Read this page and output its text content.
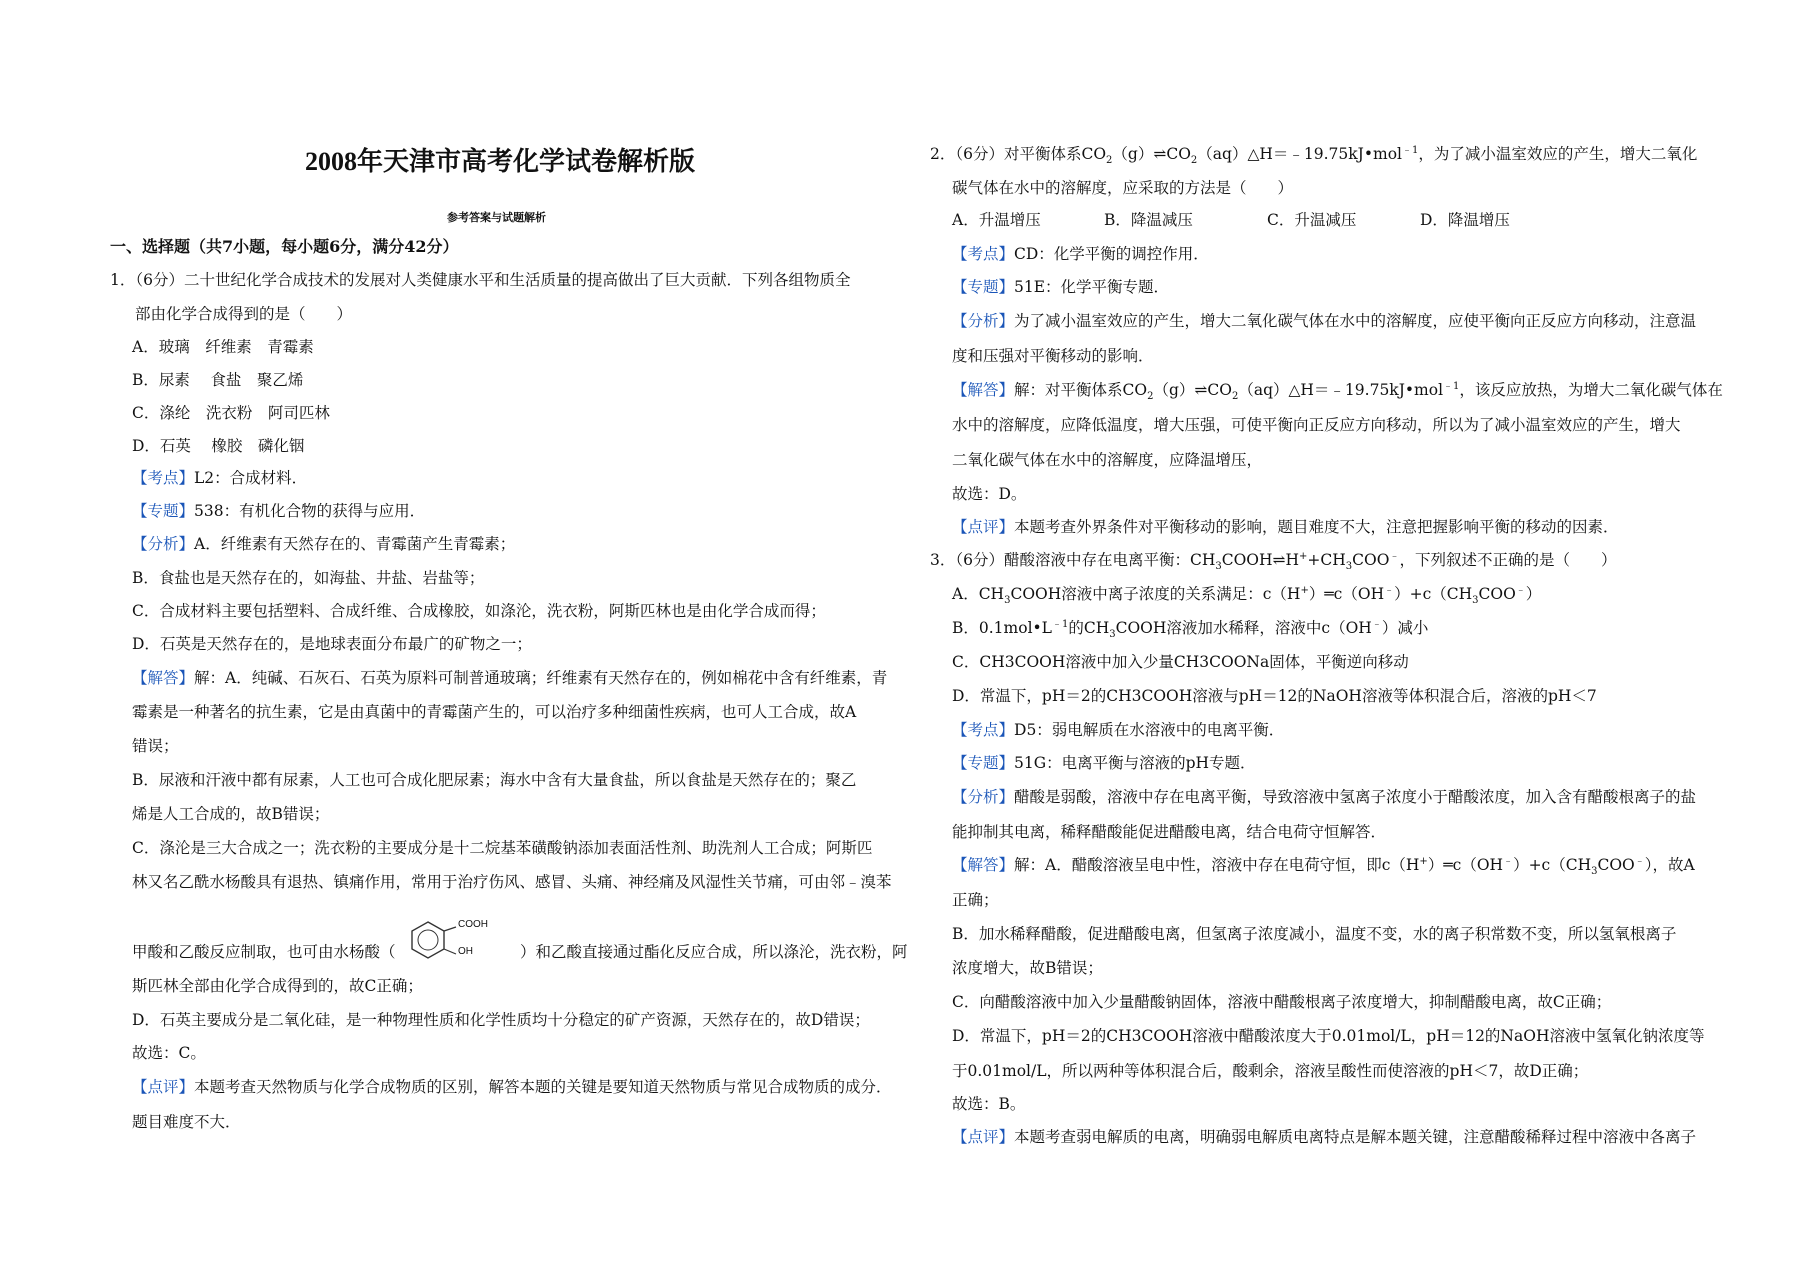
2008年天津市高考化学试卷解析版
参考答案与试题解析
一、选择题（共7小题，每小题6分，满分42分）
1．（6分）二十世纪化学合成技术的发展对人类健康水平和生活质量的提高做出了巨大贡献．下列各组物质全
部由化学合成得到的是（　　）
A．玻璃　纤维素　青霉素
B．尿素　 食盐　聚乙烯
C．涤纶　洗衣粉　阿司匹林
D．石英　 橡胶　磷化铟
【考点】L2：合成材料．
【专题】538：有机化合物的获得与应用．
【分析】A．纤维素有天然存在的、青霉菌产生青霉素；
B．食盐也是天然存在的，如海盐、井盐、岩盐等；
C．合成材料主要包括塑料、合成纤维、合成橡胶，如涤沦，洗衣粉，阿斯匹林也是由化学合成而得；
D．石英是天然存在的，是地球表面分布最广的矿物之一；
【解答】解：A．纯碱、石灰石、石英为原料可制普通玻璃；纤维素有天然存在的，例如棉花中含有纤维素，青
霉素是一种著名的抗生素，它是由真菌中的青霉菌产生的，可以治疗多种细菌性疾病，也可人工合成，故A
错误；
B．尿液和汗液中都有尿素，人工也可合成化肥尿素；海水中含有大量食盐，所以食盐是天然存在的；聚乙
烯是人工合成的，故B错误；
C．涤沦是三大合成之一；洗衣粉的主要成分是十二烷基苯磺酸钠添加表面活性剂、助洗剂人工合成；阿斯匹
林又名乙酰水杨酸具有退热、镇痛作用，常用于治疗伤风、感冒、头痛、神经痛及风湿性关节痛，可由邻﹣溴苯
甲酸和乙酸反应制取，也可由水杨酸（
COOH
OH	）和乙酸直接通过酯化反应合成，所以涤沦，洗衣粉，阿
斯匹林全部由化学合成得到的，故C正确；
D．石英主要成分是二氧化硅，是一种物理性质和化学性质均十分稳定的矿产资源，天然存在的，故D错误；
故选：C。
【点评】本题考查天然物质与化学合成物质的区别，解答本题的关键是要知道天然物质与常见合成物质的成分．
题目难度不大．
2．（6分）对平衡体系$CO_2(g)\rightleftharpoons CO_2(aq)\triangle H=﹣19.75kJ•mol^{﹣1}$，为了减小温室效应的产生，增大二氧化
碳气体在水中的溶解度，应采取的方法是（　　）
A．升温增压	B．降温减压	C．升温减压	D．降温增压
【考点】CD：化学平衡的调控作用．
【专题】51E：化学平衡专题．
【分析】为了减小温室效应的产生，增大二氧化碳气体在水中的溶解度，应使平衡向正反应方向移动，注意温
度和压强对平衡移动的影响．
【解答】解：对平衡体系$CO_2(g)\rightleftharpoons CO_2(aq)\triangle H=﹣19.75kJ•mol^{﹣1}$，该反应放热，为增大二氧化碳气体在
水中的溶解度，应降低温度，增大压强，可使平衡向正反应方向移动，所以为了减小温室效应的产生，增大
二氧化碳气体在水中的溶解度，应降温增压，
故选：D。
【点评】本题考查外界条件对平衡移动的影响，题目难度不大，注意把握影响平衡的移动的因素．
3．（6分）醋酸溶液中存在电离平衡：$CH_3COOH\rightleftharpoons H^++CH_3COO^﹣$，下列叙述不正确的是（　　）
A．$CH_3COOH$溶液中离子浓度的关系满足：$c(H^+)═c(OH^﹣)+c(CH_3COO^﹣)$
B．$0.1mol•L^{﹣1}$的$CH_3COOH$溶液加水稀释，溶液中c（OH﹣）减小
C．CH3COOH溶液中加入少量CH3COONa固体，平衡逆向移动
D．常温下，pH＝2的CH3COOH溶液与pH＝12的NaOH溶液等体积混合后，溶液的pH＜7
【考点】D5：弱电解质在水溶液中的电离平衡．
【专题】51G：电离平衡与溶液的pH专题．
【分析】醋酸是弱酸，溶液中存在电离平衡，导致溶液中氢离子浓度小于醋酸浓度，加入含有醋酸根离子的盐
能抑制其电离，稀释醋酸能促进醋酸电离，结合电荷守恒解答．
【解答】解：A．醋酸溶液呈电中性，溶液中存在电荷守恒，即$c(H^+)═c(OH^﹣)+c(CH_3COO^﹣)$，故A
正确；
B．加水稀释醋酸，促进醋酸电离，但氢离子浓度减小，温度不变，水的离子积常数不变，所以氢氧根离子
浓度增大，故B错误；
C．向醋酸溶液中加入少量醋酸钠固体，溶液中醋酸根离子浓度增大，抑制醋酸电离，故C正确；
D．常温下，pH＝2的CH3COOH溶液中醋酸浓度大于0.01mol/L，pH＝12的NaOH溶液中氢氧化钠浓度等
于0.01mol/L，所以两种等体积混合后，酸剩余，溶液呈酸性而使溶液的pH＜7，故D正确；
故选：B。
【点评】本题考查弱电解质的电离，明确弱电解质电离特点是解本题关键，注意醋酸稀释过程中溶液中各离子
